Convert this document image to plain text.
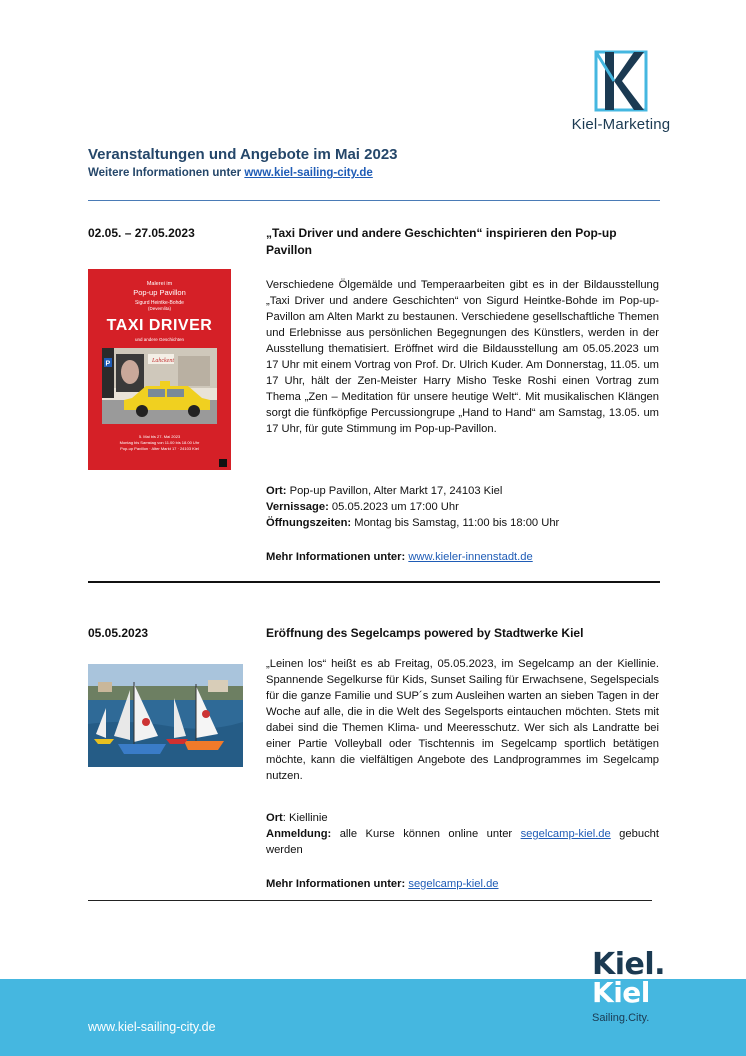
Kiel-Marketing
Veranstaltungen und Angebote im Mai 2023
Weitere Informationen unter www.kiel-sailing-city.de
02.05. – 27.05.2023	„Taxi Driver und andere Geschichten“ inspirieren den Pop-up Pavillon
Malerei im
Pop-up Pavillon
Sigurd Heintke-Bohde
(Devemlita)
TAXI DRIVER
und andere Geschichten
P	Lahckent
5. Mai bis 27. Mai 2023
Montag bis Samstag von 11.00 bis 18.00 Uhr
Pop-up Pavillon · Alter Markt 17 · 24103 Kiel
Verschiedene Ölgemälde und Temperaarbeiten gibt es in der Bildausstellung „Taxi Driver und andere Geschichten“ von Sigurd Heintke-Bohde im Pop-up-Pavillon am Alten Markt zu bestaunen. Verschiedene gesellschaftliche Themen und Erlebnisse aus persönlichen Begegnungen des Künstlers, werden in der Ausstellung thematisiert. Eröffnet wird die Bildausstellung am 05.05.2023 um 17 Uhr mit einem Vortrag von Prof. Dr. Ulrich Kuder. Am Donnerstag, 11.05. um 17 Uhr, hält der Zen-Meister Harry Misho Teske Roshi einen Vortrag zum Thema „Zen – Meditation für unsere heutige Welt“. Mit musikalischen Klängen sorgt die fünfköpfige Percussiongrupe „Hand to Hand“ am Samstag, 13.05. um 17 Uhr, für gute Stimmung im Pop-up-Pavillon.
Ort: Pop-up Pavillon, Alter Markt 17, 24103 Kiel
Vernissage: 05.05.2023 um 17:00 Uhr
Öffnungszeiten: Montag bis Samstag, 11:00 bis 18:00 Uhr
Mehr Informationen unter: www.kieler-innenstadt.de
05.05.2023	Eröffnung des Segelcamps powered by Stadtwerke Kiel
„Leinen los“ heißt es ab Freitag, 05.05.2023, im Segelcamp an der Kiellinie. Spannende Segelkurse für Kids, Sunset Sailing für Erwachsene, Segelspecials für die ganze Familie und SUP´s zum Ausleihen warten an sieben Tagen in der Woche auf alle, die in die Welt des Segelsports eintauchen möchten. Stets mit dabei sind die Themen Klima- und Meeresschutz. Wer sich als Landratte bei einer Partie Volleyball oder Tischtennis im Segelcamp sportlich betätigen möchte, kann die vielfältigen Angebote des Landprogrammes im Segelcamp nutzen.
Ort: Kiellinie
Anmeldung: alle Kurse können online unter segelcamp-kiel.de gebucht werden
Mehr Informationen unter: segelcamp-kiel.de
www.kiel-sailing-city.de
Kiel.
Kiel
Sailing.City.
